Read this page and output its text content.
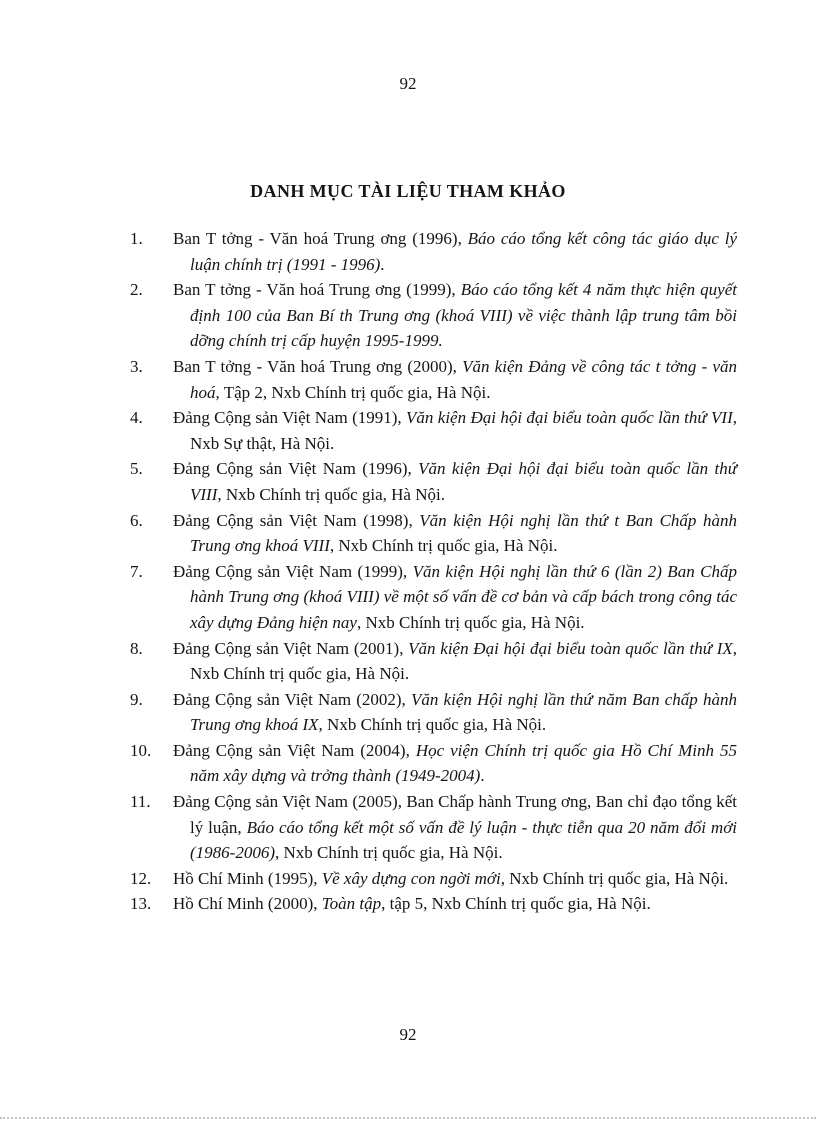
92
DANH MỤC TÀI LIỆU THAM KHẢO
1. Ban T tởng - Văn hoá Trung ơng (1996), Báo cáo tổng kết công tác giáo dục lý luận chính trị (1991 - 1996).
2. Ban T tởng - Văn hoá Trung ơng (1999), Báo cáo tổng kết 4 năm thực hiện quyết định 100 của Ban Bí th Trung ơng (khoá VIII) về việc thành lập trung tâm bồi dỡng chính trị cấp huyện 1995-1999.
3. Ban T tởng - Văn hoá Trung ơng (2000), Văn kiện Đảng về công tác t tởng - văn hoá, Tập 2, Nxb Chính trị quốc gia, Hà Nội.
4. Đảng Cộng sản Việt Nam (1991), Văn kiện Đại hội đại biểu toàn quốc lần thứ VII, Nxb Sự thật, Hà Nội.
5. Đảng Cộng sản Việt Nam (1996), Văn kiện Đại hội đại biểu toàn quốc lần thứ VIII, Nxb Chính trị quốc gia, Hà Nội.
6. Đảng Cộng sản Việt Nam (1998), Văn kiện Hội nghị lần thứ t Ban Chấp hành Trung ơng khoá VIII, Nxb Chính trị quốc gia, Hà Nội.
7. Đảng Cộng sản Việt Nam (1999), Văn kiện Hội nghị lần thứ 6 (lần 2) Ban Chấp hành Trung ơng (khoá VIII) về một số vấn đề cơ bản và cấp bách trong công tác xây dựng Đảng hiện nay, Nxb Chính trị quốc gia, Hà Nội.
8. Đảng Cộng sản Việt Nam (2001), Văn kiện Đại hội đại biểu toàn quốc lần thứ IX, Nxb Chính trị quốc gia, Hà Nội.
9. Đảng Cộng sản Việt Nam (2002), Văn kiện Hội nghị lần thứ năm Ban chấp hành Trung ơng khoá IX, Nxb Chính trị quốc gia, Hà Nội.
10. Đảng Cộng sản Việt Nam (2004), Học viện Chính trị quốc gia Hồ Chí Minh 55 năm xây dựng và trởng thành (1949-2004).
11. Đảng Cộng sản Việt Nam (2005), Ban Chấp hành Trung ơng, Ban chỉ đạo tổng kết lý luận, Báo cáo tổng kết một số vấn đề lý luận - thực tiễn qua 20 năm đổi mới (1986-2006), Nxb Chính trị quốc gia, Hà Nội.
12. Hồ Chí Minh (1995), Về xây dựng con ngời mới, Nxb Chính trị quốc gia, Hà Nội.
13. Hồ Chí Minh (2000), Toàn tập, tập 5, Nxb Chính trị quốc gia, Hà Nội.
92
